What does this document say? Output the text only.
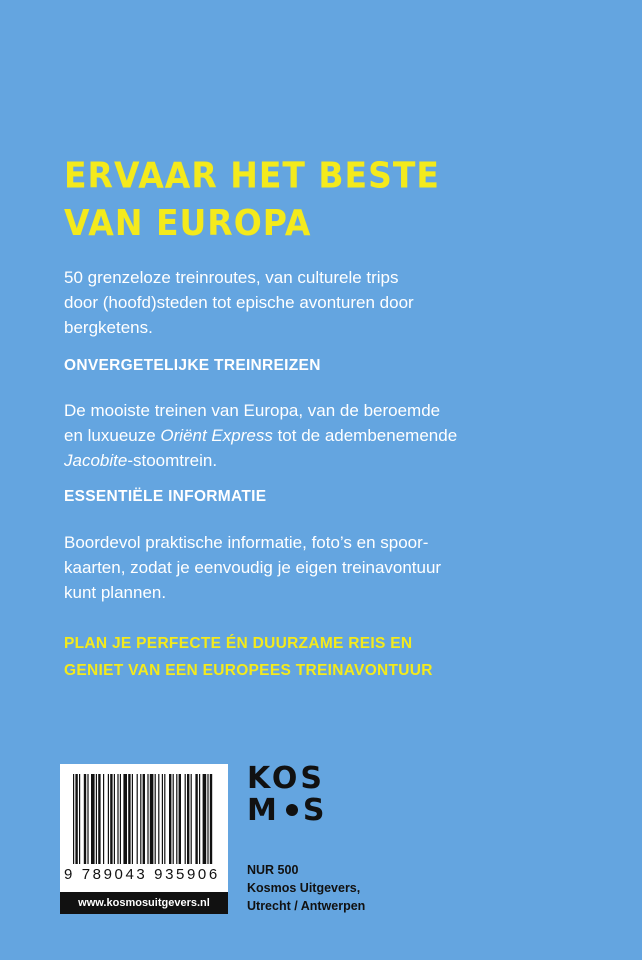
ERVAAR HET BESTE
VAN EUROPA
50 grenzeloze treinroutes, van culturele trips
door (hoofd)steden tot epische avonturen door
bergketens.
ONVERGETELIJKE TREINREIZEN
De mooiste treinen van Europa, van de beroemde
en luxueuze Oriënt Express tot de adembenemende
Jacobite-stoomtrein.
ESSENTIËLE INFORMATIE
Boordevol praktische informatie, foto’s en spoor-
kaarten, zodat je eenvoudig je eigen treinavontuur
kunt plannen.
PLAN JE PERFECTE ÉN DUURZAME REIS EN
GENIET VAN EEN EUROPEES TREINAVONTUUR
9 789043 935906
www.kosmosuitgevers.nl
KOS
M S
NUR 500
Kosmos Uitgevers,
Utrecht / Antwerpen
